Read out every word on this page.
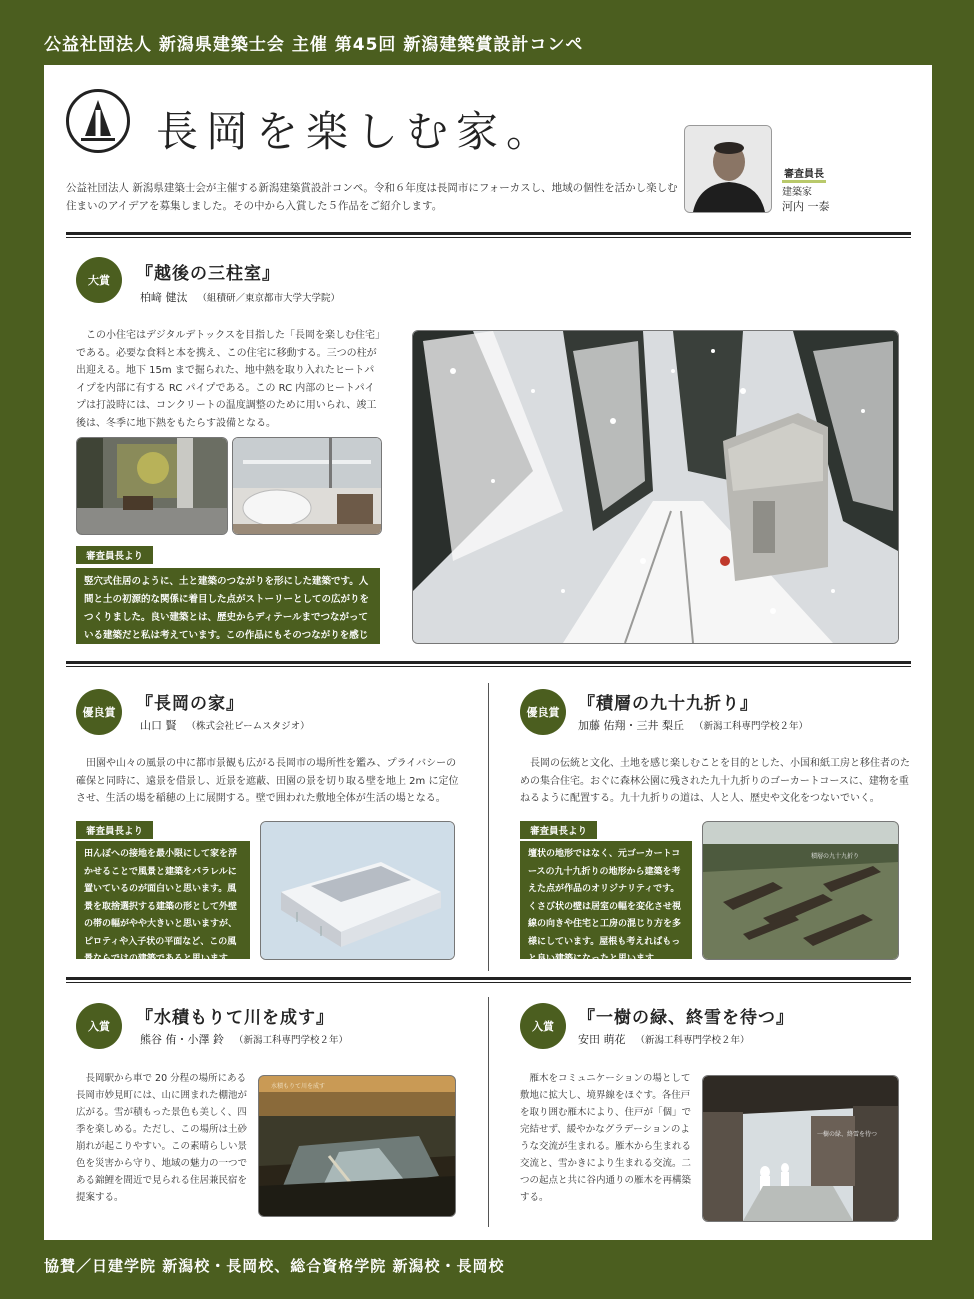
公益社団法人 新潟県建築士会 主催 第45回 新潟建築賞設計コンペ
長岡を楽しむ家。
公益社団法人 新潟県建築士会が主催する新潟建築賞設計コンペ。令和６年度は長岡市にフォーカスし、地域の個性を活かし楽しむ住まいのアイデアを募集しました。その中から入賞した５作品をご紹介します。
審査員長
建築家
河内 一泰
大賞	『越後の三柱室』
柏﨑 健汰 （組積研／東京都市大学大学院）
この小住宅はデジタルデトックスを目指した「長岡を楽しむ住宅」である。必要な食料と本を携え、この住宅に移動する。三つの柱が出迎える。地下 15m まで掘られた、地中熱を取り入れたヒートパイプを内部に有する RC パイプである。この RC 内部のヒートパイプは打設時には、コンクリートの温度調整のために用いられ、竣工後は、冬季に地下熱をもたらす設備となる。
審査員長より
竪穴式住居のように、土と建築のつながりを形にした建築です。人間と土の初源的な関係に着目した点がストーリーとしての広がりをつくりました。良い建築とは、歴史からディテールまでつながっている建築だと私は考えています。この作品にもそのつながりを感じました。
優良賞	『長岡の家』
山口 賢 （株式会社ビームスタジオ）
田園や山々の風景の中に都市景観も広がる長岡市の場所性を鑑み、プライバシーの確保と同時に、遠景を借景し、近景を遮蔽、田園の景を切り取る壁を地上 2m に定位させ、生活の場を稲穂の上に展開する。壁で囲われた敷地全体が生活の場となる。
審査員長より
田んぼへの接地を最小限にして家を浮かせることで風景と建築をパラレルに置いているのが面白いと思います。風景を取捨選択する建築の形として外壁の帯の幅がやや大きいと思いますが、ピロティや入子状の平面など、この風景ならではの建築であると思います。
優良賞	『積層の九十九折り』
加藤 佑翔・三井 梨丘 （新潟工科専門学校２年）
長岡の伝統と文化、土地を感じ楽しむことを目的とした、小国和紙工房と移住者のための集合住宅。おぐに森林公園に残された九十九折りのゴーカートコースに、建物を重ねるように配置する。九十九折りの道は、人と人、歴史や文化をつないでいく。
審査員長より
壇状の地形ではなく、元ゴーカートコースの九十九折りの地形から建築を考えた点が作品のオリジナリティです。くさび状の壁は居室の幅を変化させ視線の向きや住宅と工房の混じり方を多様にしています。屋根も考えればもっと良い建築になったと思います。
積層の九十九折り
入賞	『水積もりて川を成す』
熊谷 侑・小澤 鈴 （新潟工科専門学校２年）
長岡駅から車で 20 分程の場所にある長岡市妙見町には、山に囲まれた棚池が広がる。雪が積もった景色も美しく、四季を楽しめる。ただし、この場所は土砂崩れが起こりやすい。この素晴らしい景色を災害から守り、地域の魅力の一つである錦鯉を間近で見られる住居兼民宿を提案する。
水積もりて川を成す
入賞	『一樹の緑、終雪を待つ』
安田 萌花 （新潟工科専門学校２年）
雁木をコミュニケーションの場として敷地に拡大し、境界線をほぐす。各住戸を取り囲む雁木により、住戸が「個」で完結せず、緩やかなグラデーションのような交流が生まれる。雁木から生まれる交流と、雪かきにより生まれる交流。二つの起点と共に谷内通りの雁木を再構築する。
一樹の緑、終雪を待つ
協賛／日建学院 新潟校・長岡校、総合資格学院 新潟校・長岡校
